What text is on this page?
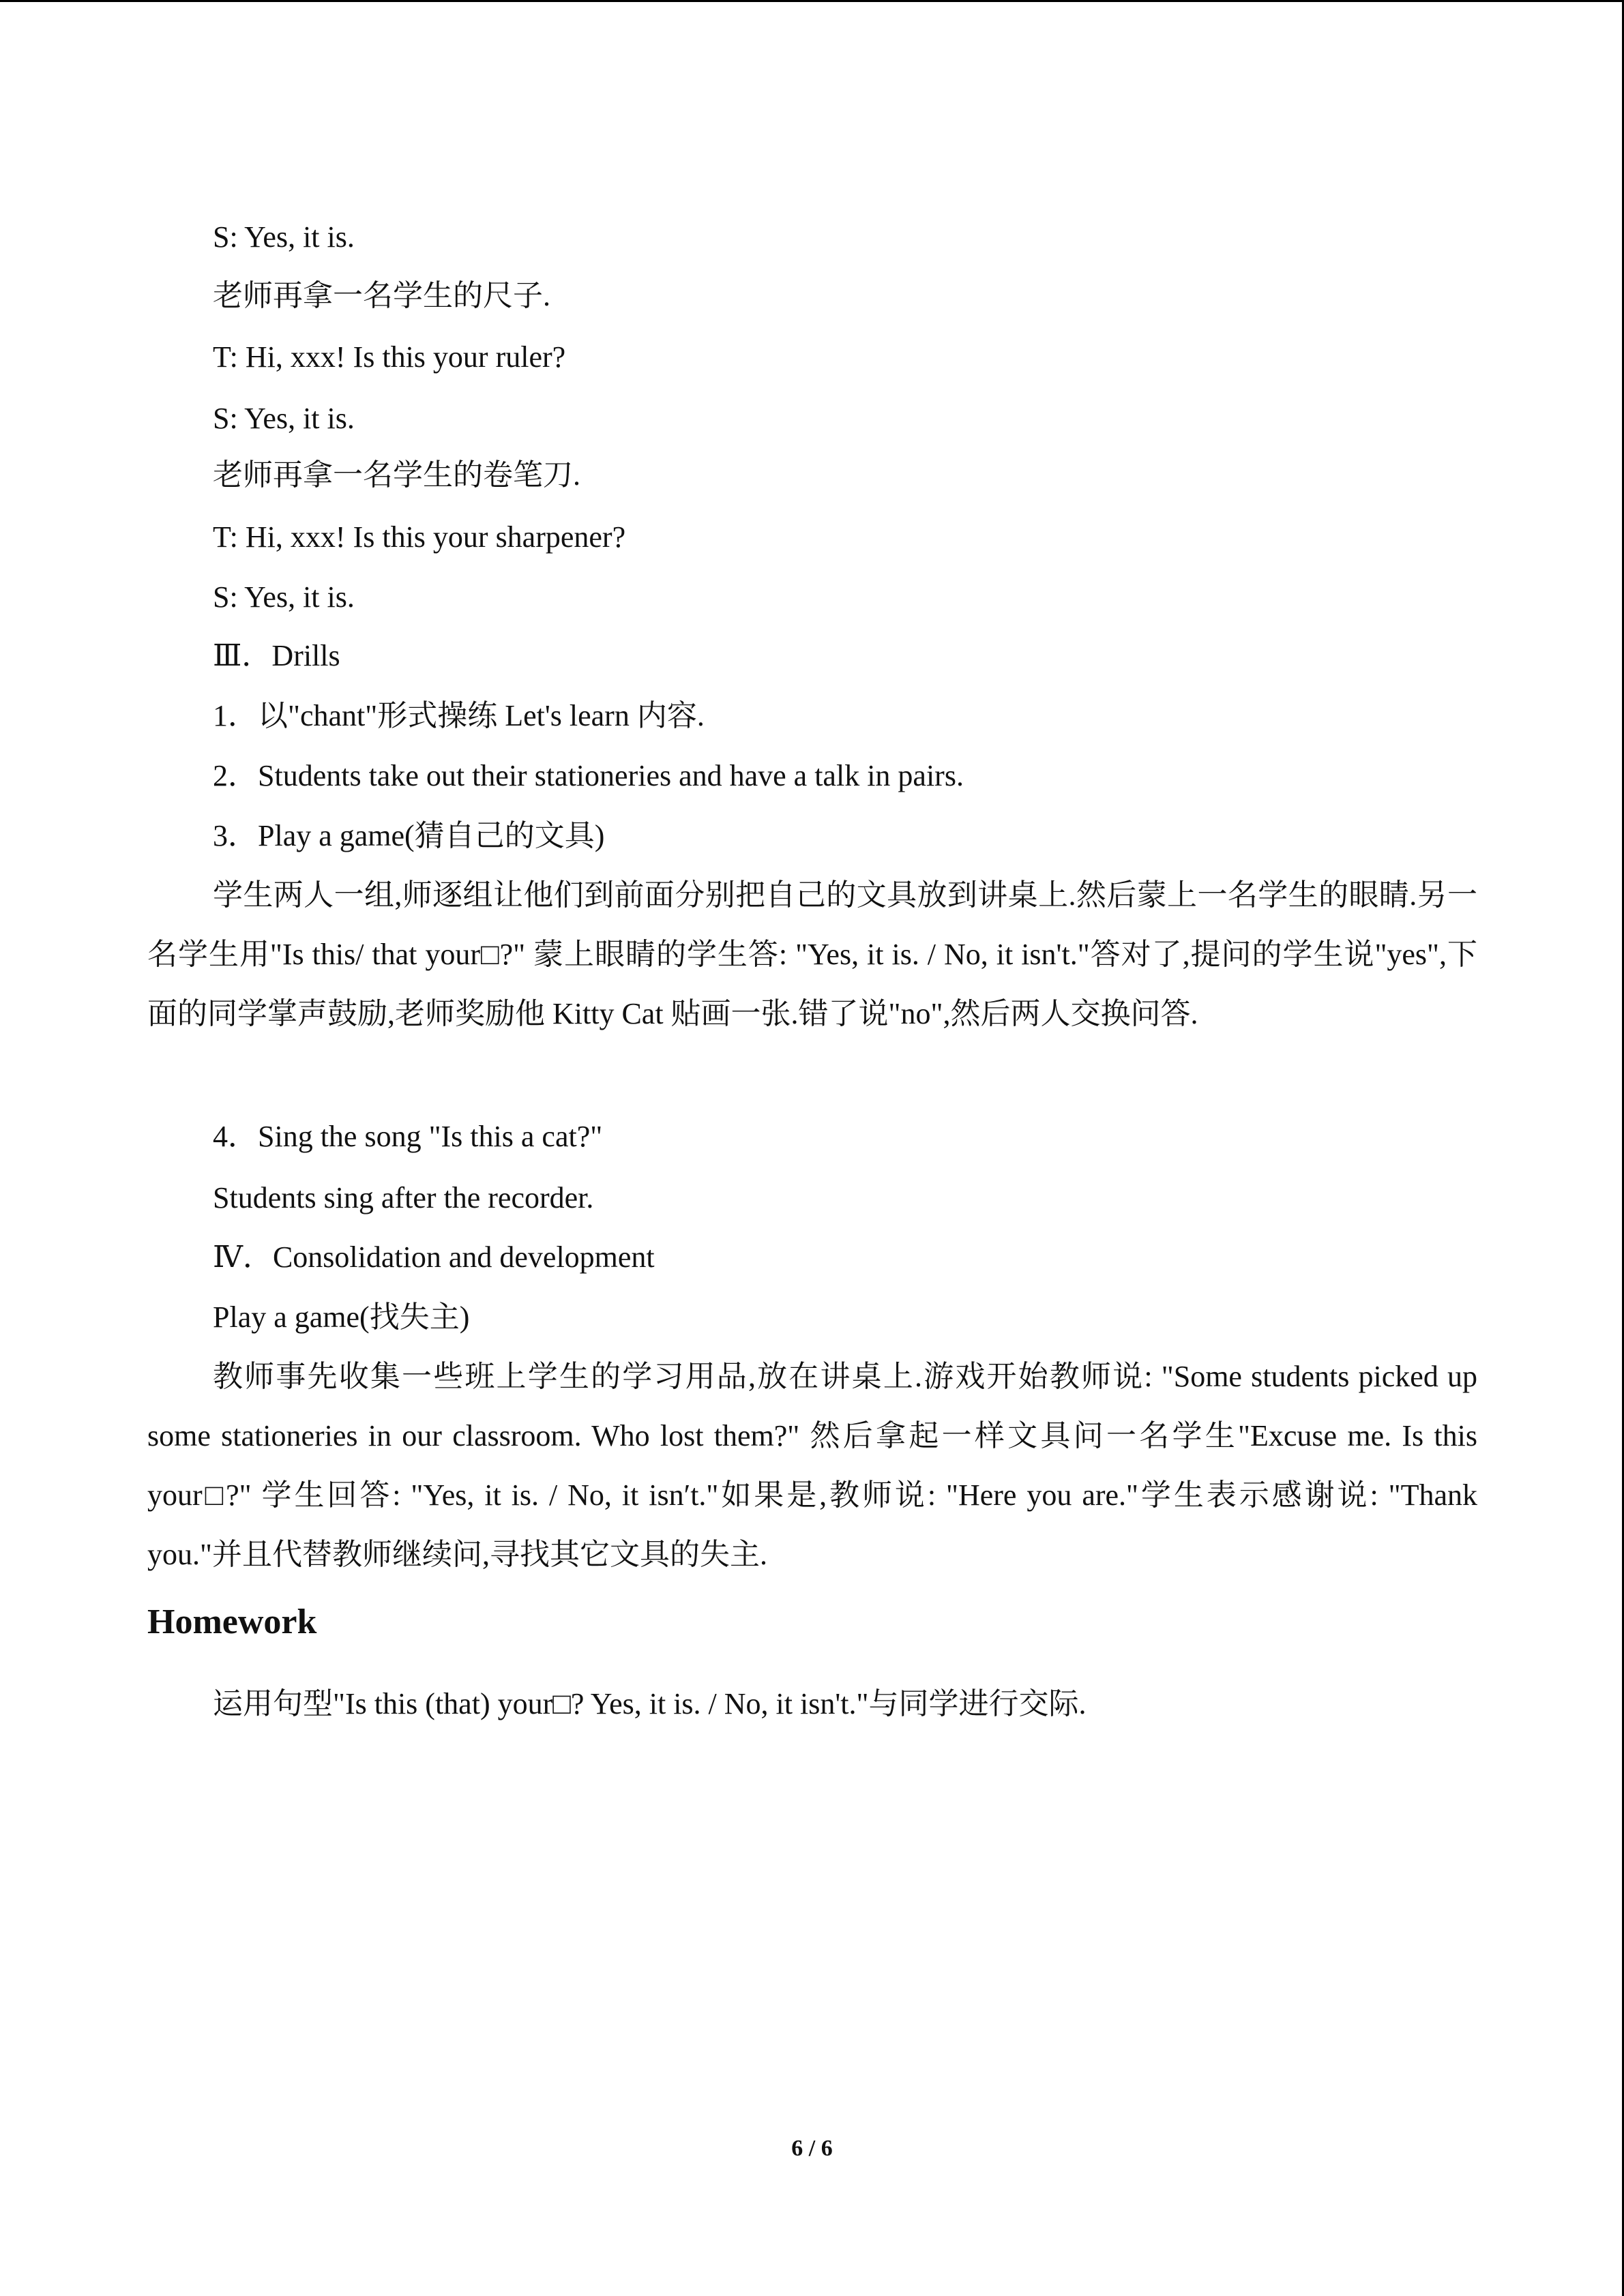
S: Yes, it is.
老师再拿一名学生的尺子.
T: Hi, xxx! Is this your ruler?
S: Yes, it is.
老师再拿一名学生的卷笔刀.
T: Hi, xxx! Is this your sharpener?
S: Yes, it is.
Ⅲ．Drills
1．以"chant"形式操练 Let's learn 内容.
2．Students take out their stationeries and have a talk in pairs.
3．Play a game(猜自己的文具)

学生两人一组,师逐组让他们到前面分别把自己的文具放到讲桌上.然后蒙上一名学生的眼睛.另一名学生用"Is this/ that your□?" 蒙上眼睛的学生答: "Yes, it is. / No, it isn't."答对了,提问的学生说"yes",下面的同学掌声鼓励,老师奖励他 Kitty Cat 贴画一张.错了说"no",然后两人交换问答.

4．Sing the song "Is this a cat?"
Students sing after the recorder.
Ⅳ．Consolidation and development
Play a game(找失主)

教师事先收集一些班上学生的学习用品,放在讲桌上.游戏开始教师说: "Some students picked up some stationeries in our classroom. Who lost them?" 然后拿起一样文具问一名学生"Excuse me. Is this your□?" 学生回答: "Yes, it is. / No, it isn′t."如果是,教师说: "Here you are."学生表示感谢说: "Thank you."并且代替教师继续问,寻找其它文具的失主.

Homework
运用句型"Is this (that) your□? Yes, it is. / No, it isn't."与同学进行交际.
6 / 6
